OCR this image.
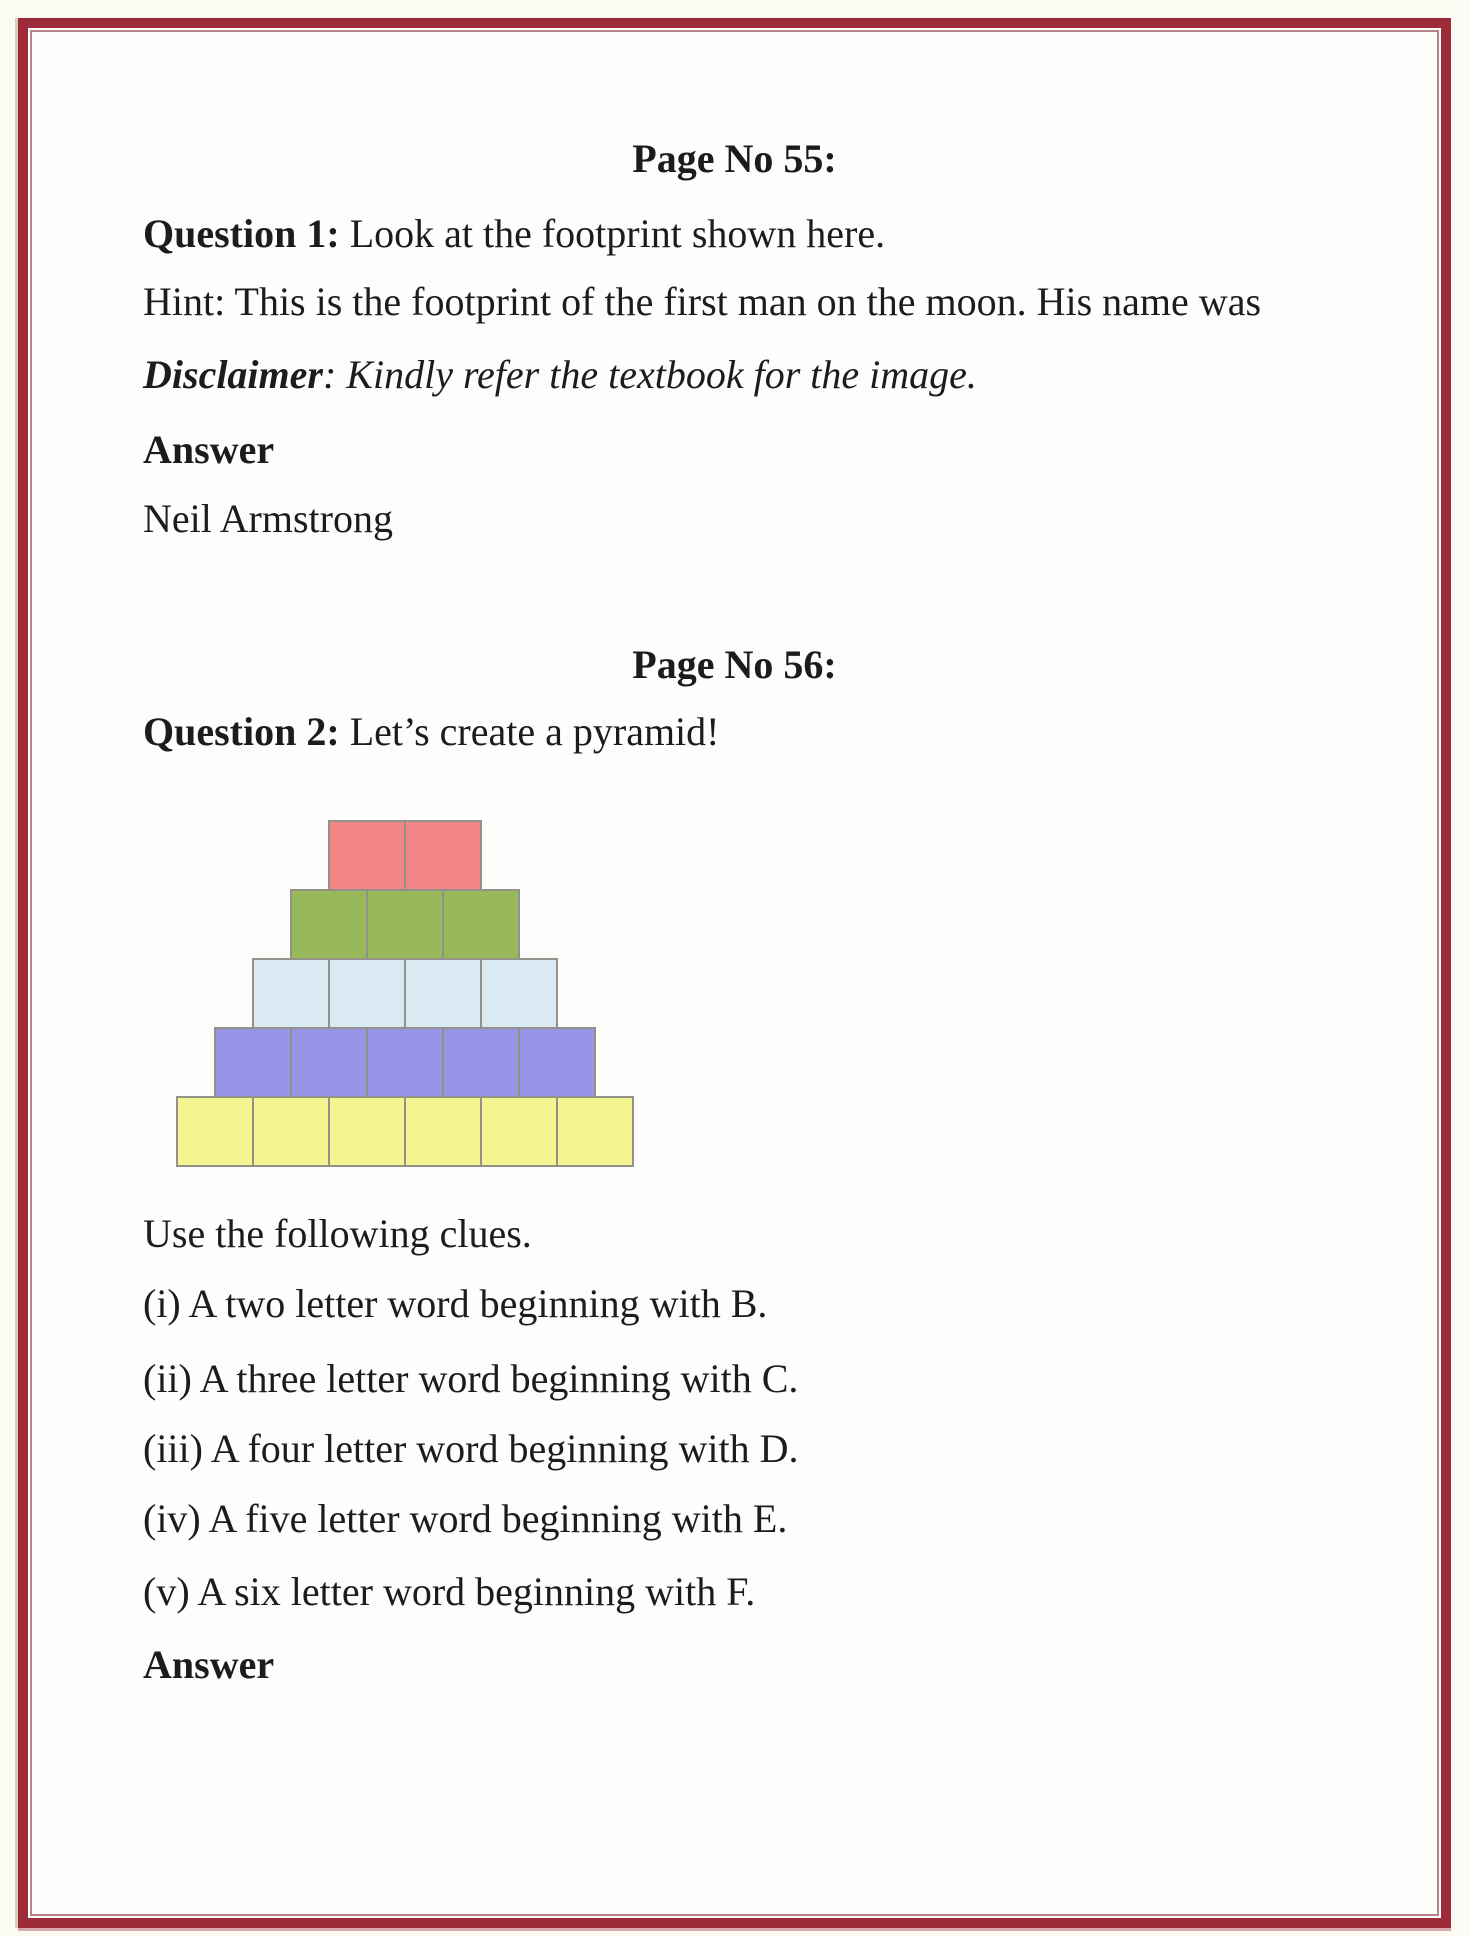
Page No 55:
Question 1: Look at the footprint shown here.
Hint: This is the footprint of the first man on the moon. His name was
Disclaimer: Kindly refer the textbook for the image.
Answer
Neil Armstrong
Page No 56:
Question 2: Let’s create a pyramid!
Use the following clues.
(i) A two letter word beginning with B.
(ii) A three letter word beginning with C.
(iii) A four letter word beginning with D.
(iv) A five letter word beginning with E.
(v) A six letter word beginning with F.
Answer
